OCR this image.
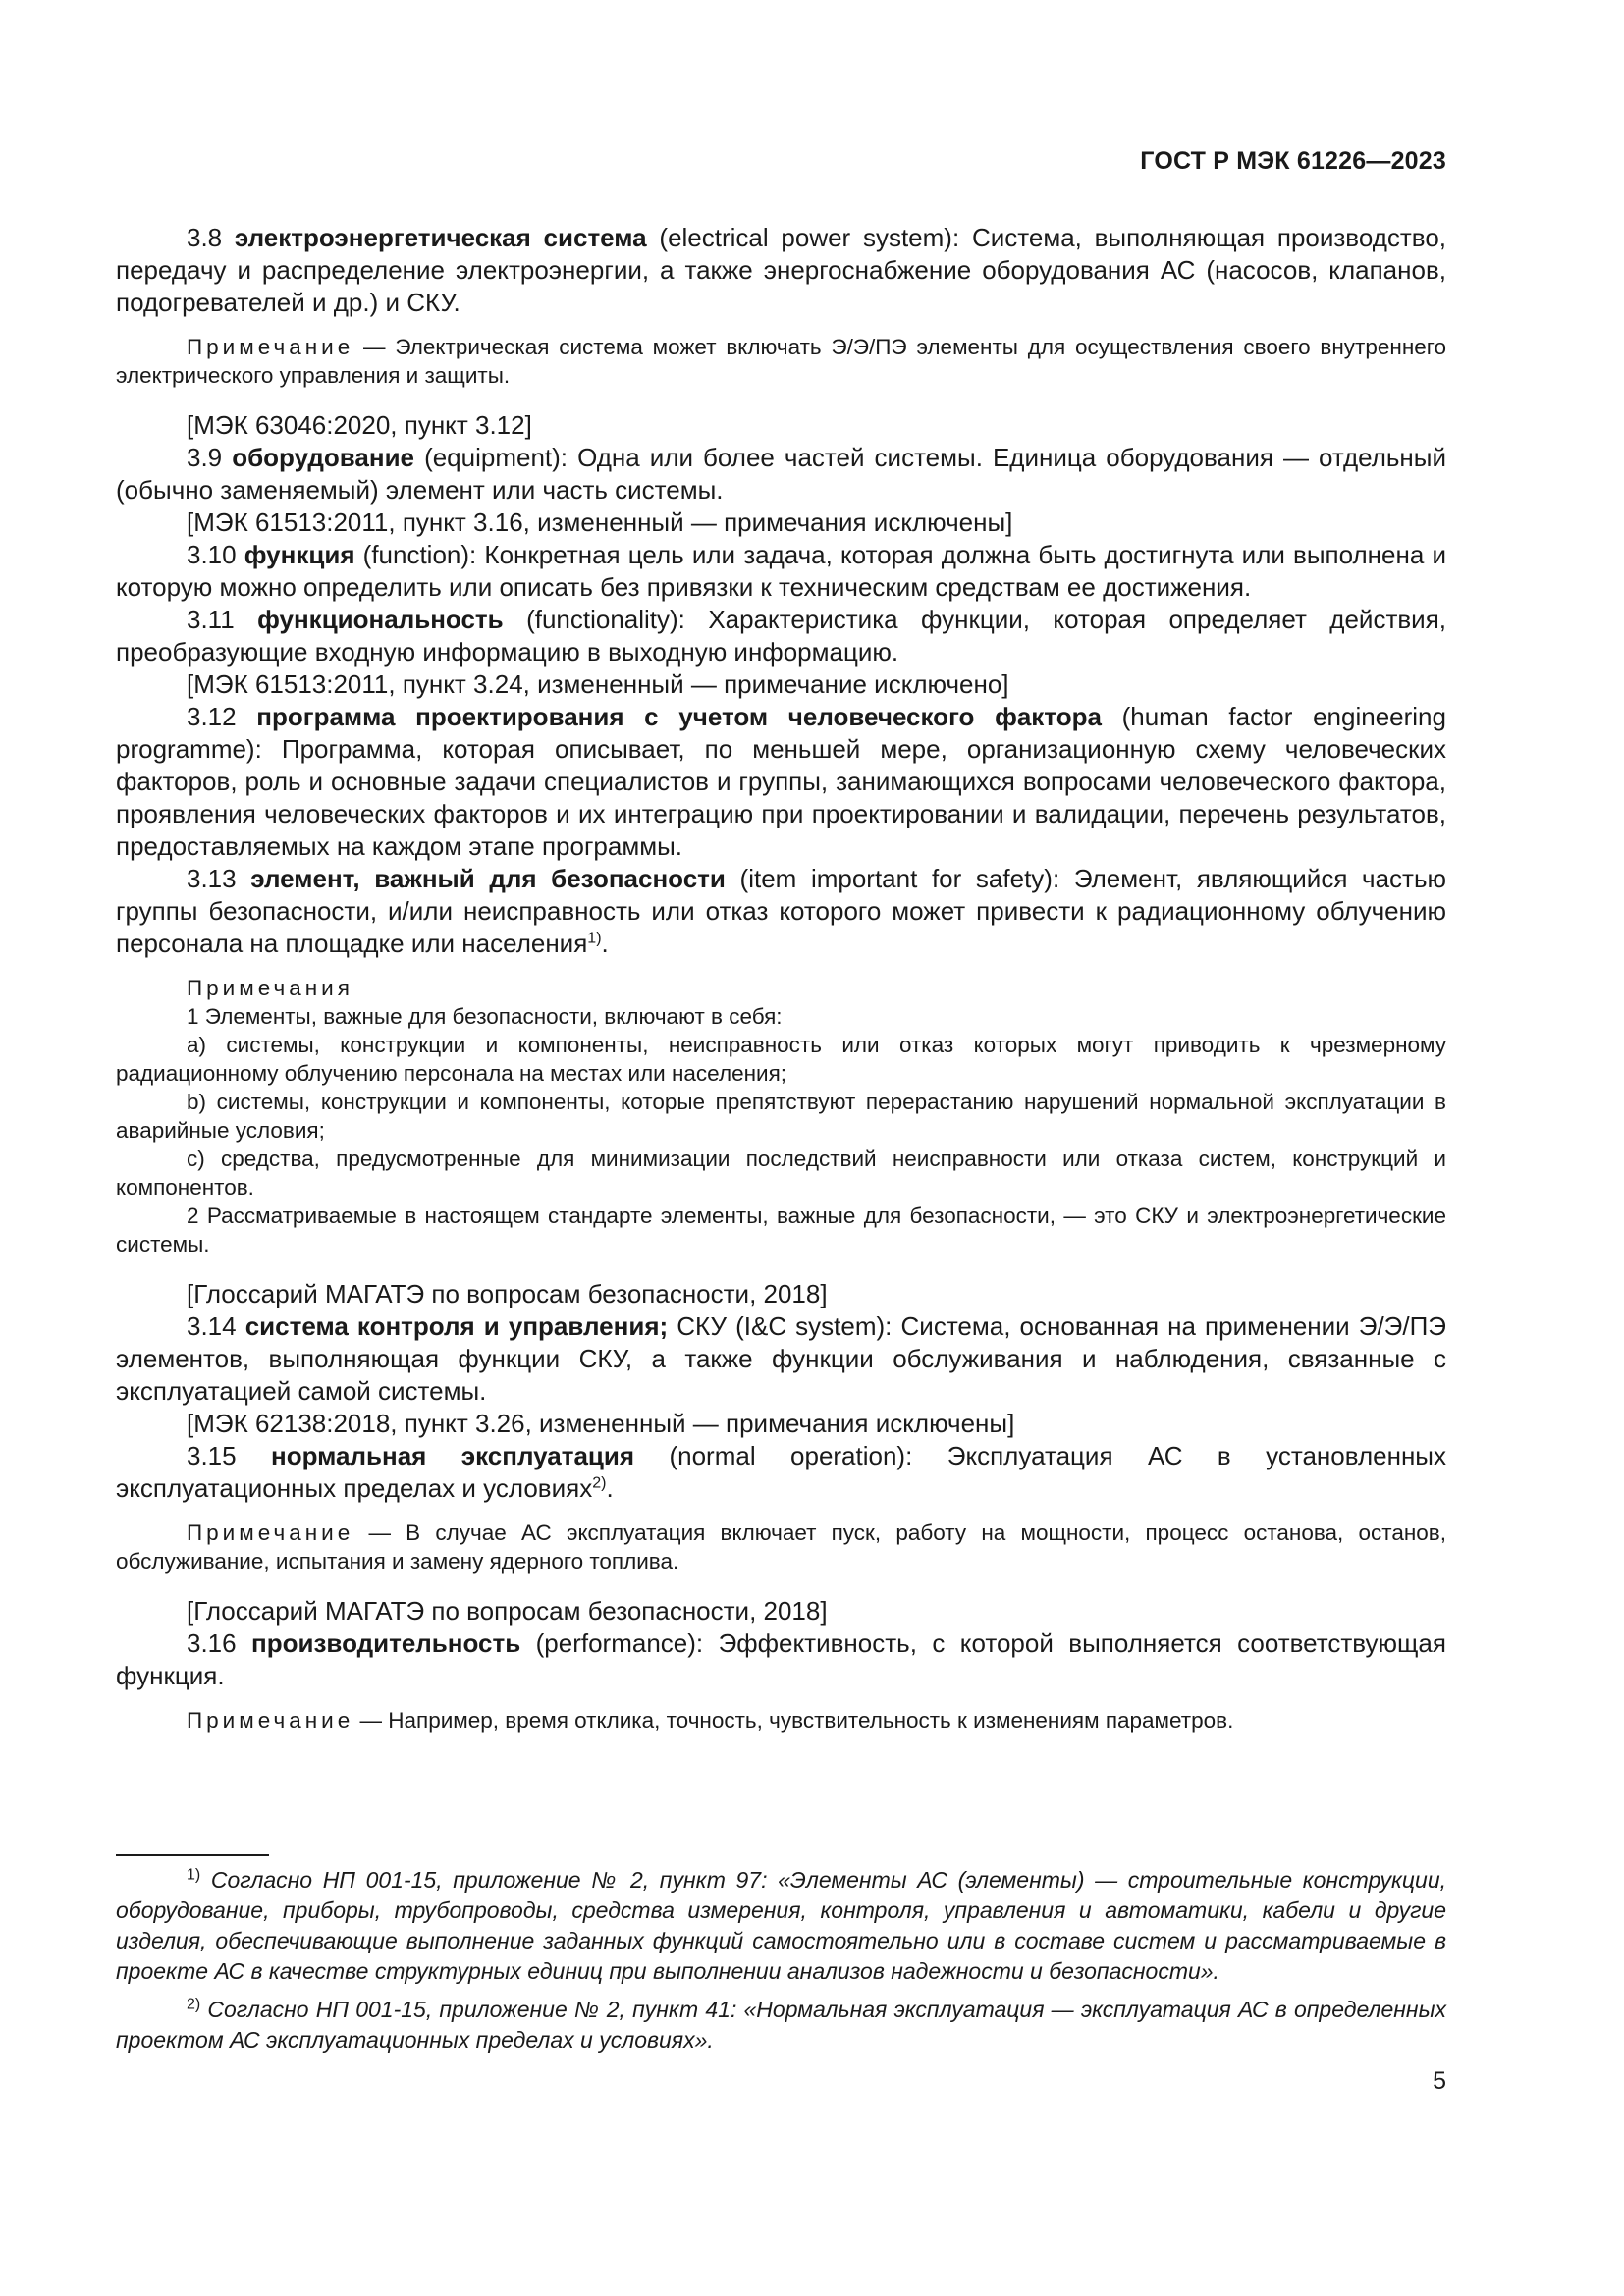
ГОСТ Р МЭК 61226—2023

3.8 электроэнергетическая система (electrical power system): Система, выполняющая производство, передачу и распределение электроэнергии, а также энергоснабжение оборудования АС (насосов, клапанов, подогревателей и др.) и СКУ.

Примечание — Электрическая система может включать Э/Э/ПЭ элементы для осуществления своего внутреннего электрического управления и защиты.

[МЭК 63046:2020, пункт 3.12]

3.9 оборудование (equipment): Одна или более частей системы. Единица оборудования — отдельный (обычно заменяемый) элемент или часть системы.

[МЭК 61513:2011, пункт 3.16, измененный — примечания исключены]

3.10 функция (function): Конкретная цель или задача, которая должна быть достигнута или выполнена и которую можно определить или описать без привязки к техническим средствам ее достижения.

3.11 функциональность (functionality): Характеристика функции, которая определяет действия, преобразующие входную информацию в выходную информацию.

[МЭК 61513:2011, пункт 3.24, измененный — примечание исключено]

3.12 программа проектирования с учетом человеческого фактора (human factor engineering programme): Программа, которая описывает, по меньшей мере, организационную схему человеческих факторов, роль и основные задачи специалистов и группы, занимающихся вопросами человеческого фактора, проявления человеческих факторов и их интеграцию при проектировании и валидации, перечень результатов, предоставляемых на каждом этапе программы.

3.13 элемент, важный для безопасности (item important for safety): Элемент, являющийся частью группы безопасности, и/или неисправность или отказ которого может привести к радиационному облучению персонала на площадке или населения$^{1)}$.

Примечания

1 Элементы, важные для безопасности, включают в себя:

a) системы, конструкции и компоненты, неисправность или отказ которых могут приводить к чрезмерному радиационному облучению персонала на местах или населения;

b) системы, конструкции и компоненты, которые препятствуют перерастанию нарушений нормальной эксплуатации в аварийные условия;

c) средства, предусмотренные для минимизации последствий неисправности или отказа систем, конструкций и компонентов.

2 Рассматриваемые в настоящем стандарте элементы, важные для безопасности, — это СКУ и электроэнергетические системы.

[Глоссарий МАГАТЭ по вопросам безопасности, 2018]

3.14 система контроля и управления; СКУ (I&C system): Система, основанная на применении Э/Э/ПЭ элементов, выполняющая функции СКУ, а также функции обслуживания и наблюдения, связанные с эксплуатацией самой системы.

[МЭК 62138:2018, пункт 3.26, измененный — примечания исключены]

3.15 нормальная эксплуатация (normal operation): Эксплуатация АС в установленных эксплуатационных пределах и условиях$^{2)}$.

Примечание — В случае АС эксплуатация включает пуск, работу на мощности, процесс останова, останов, обслуживание, испытания и замену ядерного топлива.

[Глоссарий МАГАТЭ по вопросам безопасности, 2018]

3.16 производительность (performance): Эффективность, с которой выполняется соответствующая функция.

Примечание — Например, время отклика, точность, чувствительность к изменениям параметров.

$^{1)}$ Согласно НП 001-15, приложение № 2, пункт 97: «Элементы АС (элементы) — строительные конструкции, оборудование, приборы, трубопроводы, средства измерения, контроля, управления и автоматики, кабели и другие изделия, обеспечивающие выполнение заданных функций самостоятельно или в составе систем и рассматриваемые в проекте АС в качестве структурных единиц при выполнении анализов надежности и безопасности».

$^{2)}$ Согласно НП 001-15, приложение № 2, пункт 41: «Нормальная эксплуатация — эксплуатация АС в определенных проектом АС эксплуатационных пределах и условиях».

5
